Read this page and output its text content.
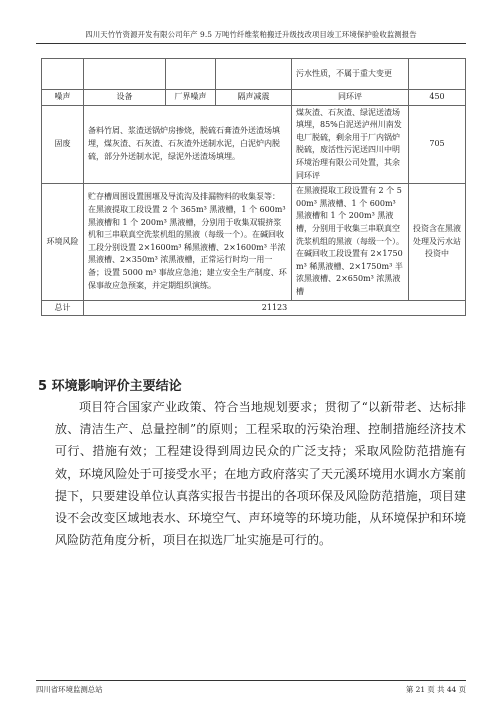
四川天竹竹资源开发有限公司年产 9.5 万吨竹纤维浆粕搬迁升级技改项目竣工环境保护验收监测报告
				污水性质，不属于重大变更	
噪声	设备	厂界噪声	隔声减震	同环评	450
固废	备料竹屑、浆渣送锅炉房掺烧，脱硫石膏渣外送渣场填埋，煤灰渣、石灰渣、石灰渣外送制水泥，白泥炉内脱硫，部分外送制水泥，绿泥外送渣场填埋。			煤灰渣、石灰渣、绿泥送渣场填埋，85%白泥送泸州川南发电厂脱硫，剩余用于厂内锅炉脱硫，废活性污泥送四川中明环境治理有限公司处置，其余同环评	705
环境风险	贮存槽周围设置围堰及导流沟及排漏物料的收集泵等：在黑液提取工段设置 2 个 365m³ 黑液槽，1 个 600m³ 黑液槽和 1 个 200m³ 黑液槽，分别用于收集双辊挤浆机和三串联真空洗浆机组的黑液（每级一个）。在碱回收工段分别设置 2×1600m³ 稀黑液槽、2×1600m³ 半浓黑液槽、2×350m³ 浓黑液槽，正常运行时均一用一备；设置 5000 m³ 事故应急池；建立安全生产制度、环保事故应急预案，并定期组织演练。			在黑液提取工段设置有 2 个 500m³ 黑液槽、1 个 600m³ 黑液槽和 1 个 200m³ 黑液槽，分别用于收集三串联真空洗浆机组的黑液（每级一个）。在碱回收工段设置有 2×1750m³ 稀黑液槽、2×1750m³ 半浓黑液槽、2×650m³ 浓黑液槽	投资含在黑液处理及污水站投资中
总计	21123				
5 环境影响评价主要结论
项目符合国家产业政策、符合当地规划要求；贯彻了“以新带老、达标排放、清洁生产、总量控制”的原则；工程采取的污染治理、控制措施经济技术可行、措施有效；工程建设得到周边民众的广泛支持；采取风险防范措施有效，环境风险处于可接受水平；在地方政府落实了天元溪环境用水调水方案前提下，只要建设单位认真落实报告书提出的各项环保及风险防范措施，项目建设不会改变区域地表水、环境空气、声环境等的环境功能，从环境保护和环境风险防范角度分析，项目在拟选厂址实施是可行的。
四川省环境监测总站	第 21 页 共 44 页
